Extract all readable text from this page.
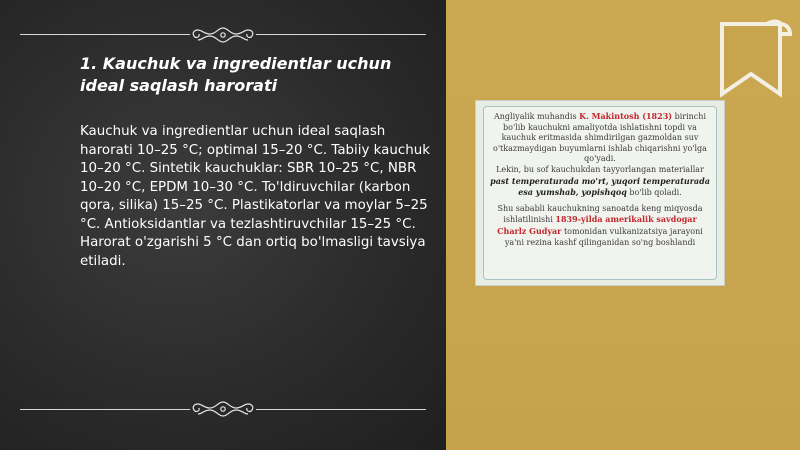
1. Kauchuk va ingredientlar uchun ideal saqlash harorati

Kauchuk va ingredientlar uchun ideal saqlash harorati 10–25 °C; optimal 15–20 °C. Tabiiy kauchuk 10–20 °C. Sintetik kauchuklar: SBR 10–25 °C, NBR 10–20 °C, EPDM 10–30 °C. To'ldiruvchilar (karbon qora, silika) 15–25 °C. Plastikatorlar va moylar 5–25 °C. Antioksidantlar va tezlashtiruvchilar 15–25 °C. Harorat o'zgarishi 5 °C dan ortiq bo'lmasligi tavsiya etiladi.

Angliyalik muhandis K. Makintosh (1823) birinchi bo'lib kauchukni amaliyotda ishlatishni topdi va kauchuk eritmasida shimdirilgan gazmoldan suv o'tkazmaydigan buyumlarni ishlab chiqarishni yo'lga qo'yadi.

Lekin, bu sof kauchukdan tayyorlangan materiallar past temperaturada mo'rt, yuqori temperaturada esa yumshab, yopishqoq bo'lib qoladi.

Shu sababli kauchukning sanoatda keng miqyosda ishlatilinishi 1839-yilda amerikalik savdogar Charlz Gudyar tomonidan vulkanizatsiya jarayoni ya'ni rezina kashf qilinganidan so'ng boshlandi
